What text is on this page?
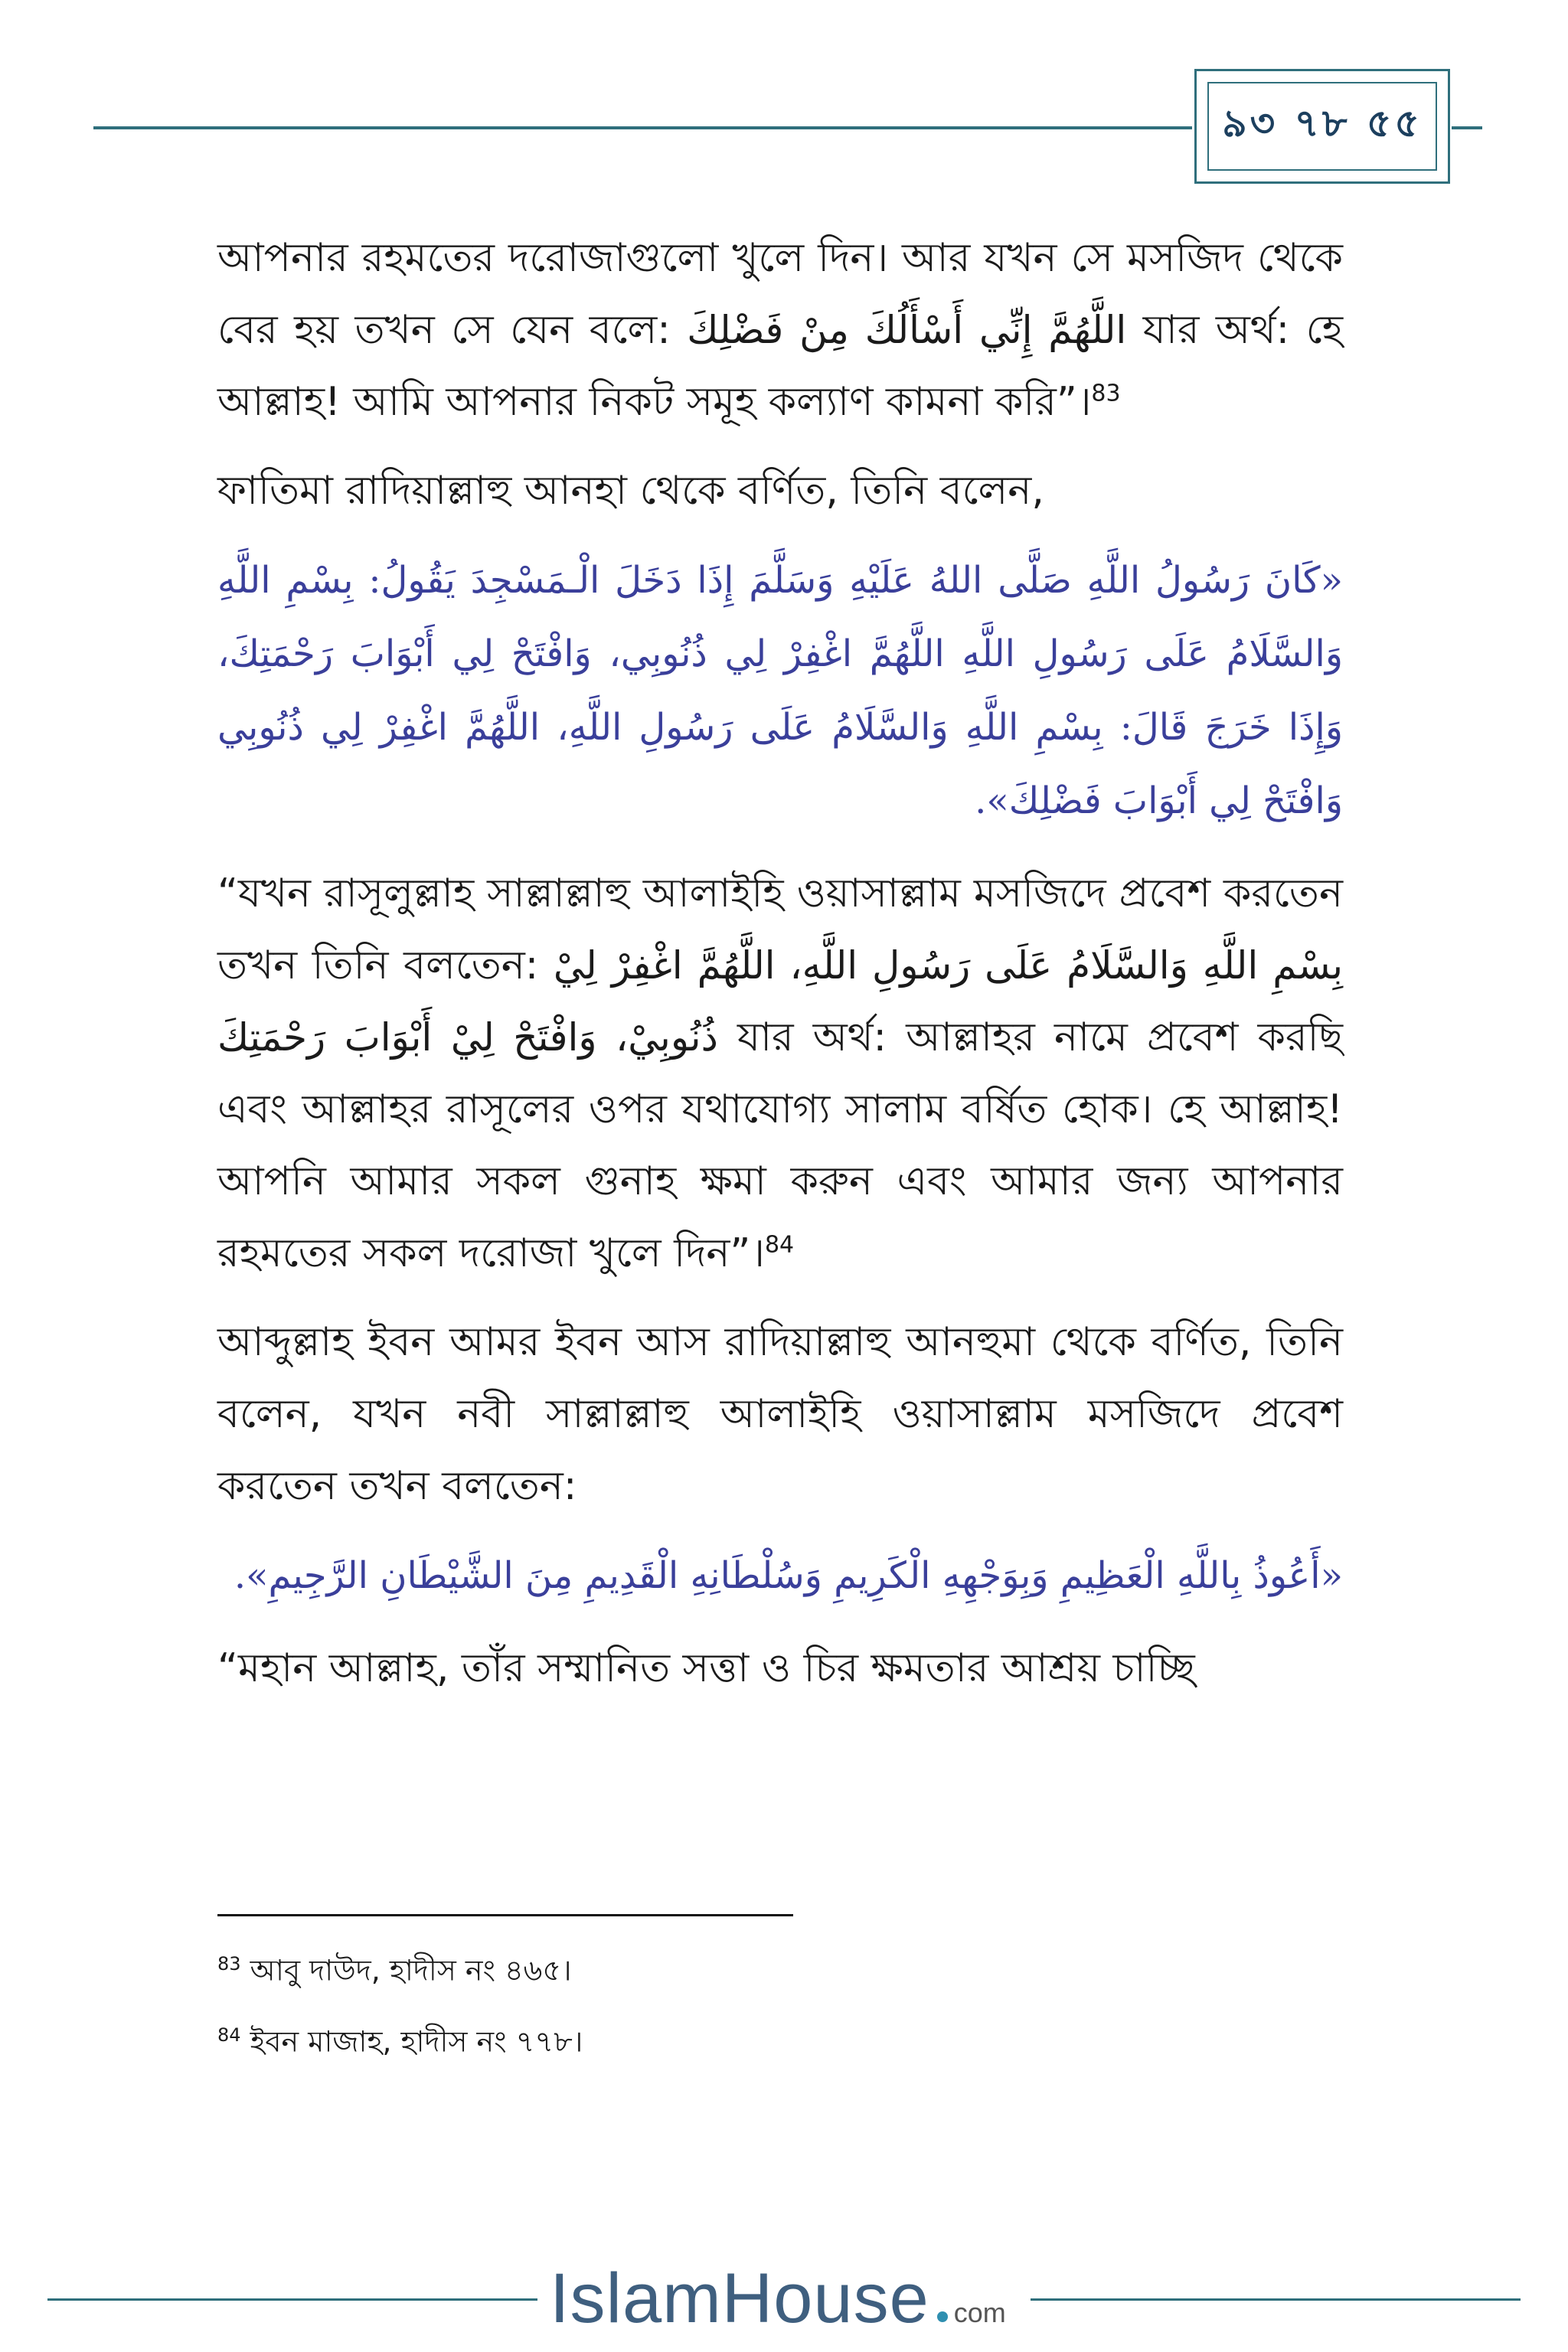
৯৩ ৭৮ ৫৫

আপনার রহমতের দরোজাগুলো খুলে দিন। আর যখন সে মসজিদ থেকে বের হয় তখন সে যেন বলে: اللَّهُمَّ إِنِّي أَسْأَلُكَ مِنْ فَضْلِكَ যার অর্থ: হে আল্লাহ! আমি আপনার নিকট সমূহ কল্যাণ কামনা করি”।$^{83}$

ফাতিমা রাদিয়াল্লাহু আনহা থেকে বর্ণিত, তিনি বলেন,

«كَانَ رَسُولُ اللَّهِ صَلَّى اللهُ عَلَيْهِ وَسَلَّمَ إِذَا دَخَلَ الْـمَسْجِدَ يَقُولُ: بِسْمِ اللَّهِ وَالسَّلَامُ عَلَى رَسُولِ اللَّهِ اللَّهُمَّ اغْفِرْ لِي ذُنُوبِي، وَافْتَحْ لِي أَبْوَابَ رَحْمَتِكَ، وَإِذَا خَرَجَ قَالَ: بِسْمِ اللَّهِ وَالسَّلَامُ عَلَى رَسُولِ اللَّهِ، اللَّهُمَّ اغْفِرْ لِي ذُنُوبِي وَافْتَحْ لِي أَبْوَابَ فَضْلِكَ».

“যখন রাসূলুল্লাহ সাল্লাল্লাহু আলাইহি ওয়াসাল্লাম মসজিদে প্রবেশ করতেন তখন তিনি বলতেন: بِسْمِ اللَّهِ وَالسَّلَامُ عَلَى رَسُولِ اللَّهِ، اللَّهُمَّ اغْفِرْ لِيْ ذُنُوبِيْ، وَافْتَحْ لِيْ أَبْوَابَ رَحْمَتِكَ যার অর্থ: আল্লাহর নামে প্রবেশ করছি এবং আল্লাহর রাসূলের ওপর যথাযোগ্য সালাম বর্ষিত হোক। হে আল্লাহ! আপনি আমার সকল গুনাহ ক্ষমা করুন এবং আমার জন্য আপনার রহমতের সকল দরোজা খুলে দিন”।$^{84}$

আব্দুল্লাহ ইবন আমর ইবন আস রাদিয়াল্লাহু আনহুমা থেকে বর্ণিত, তিনি বলেন, যখন নবী সাল্লাল্লাহু আলাইহি ওয়াসাল্লাম মসজিদে প্রবেশ করতেন তখন বলতেন:

«أَعُوذُ بِاللَّهِ الْعَظِيمِ وَبِوَجْهِهِ الْكَرِيمِ وَسُلْطَانِهِ الْقَدِيمِ مِنَ الشَّيْطَانِ الرَّجِيمِ».

“মহান আল্লাহ, তাঁর সম্মানিত সত্তা ও চির ক্ষমতার আশ্রয় চাচ্ছি

$^{83}$ আবু দাউদ, হাদীস নং ৪৬৫।

$^{84}$ ইবন মাজাহ, হাদীস নং ৭৭৮।

IslamHouse com
